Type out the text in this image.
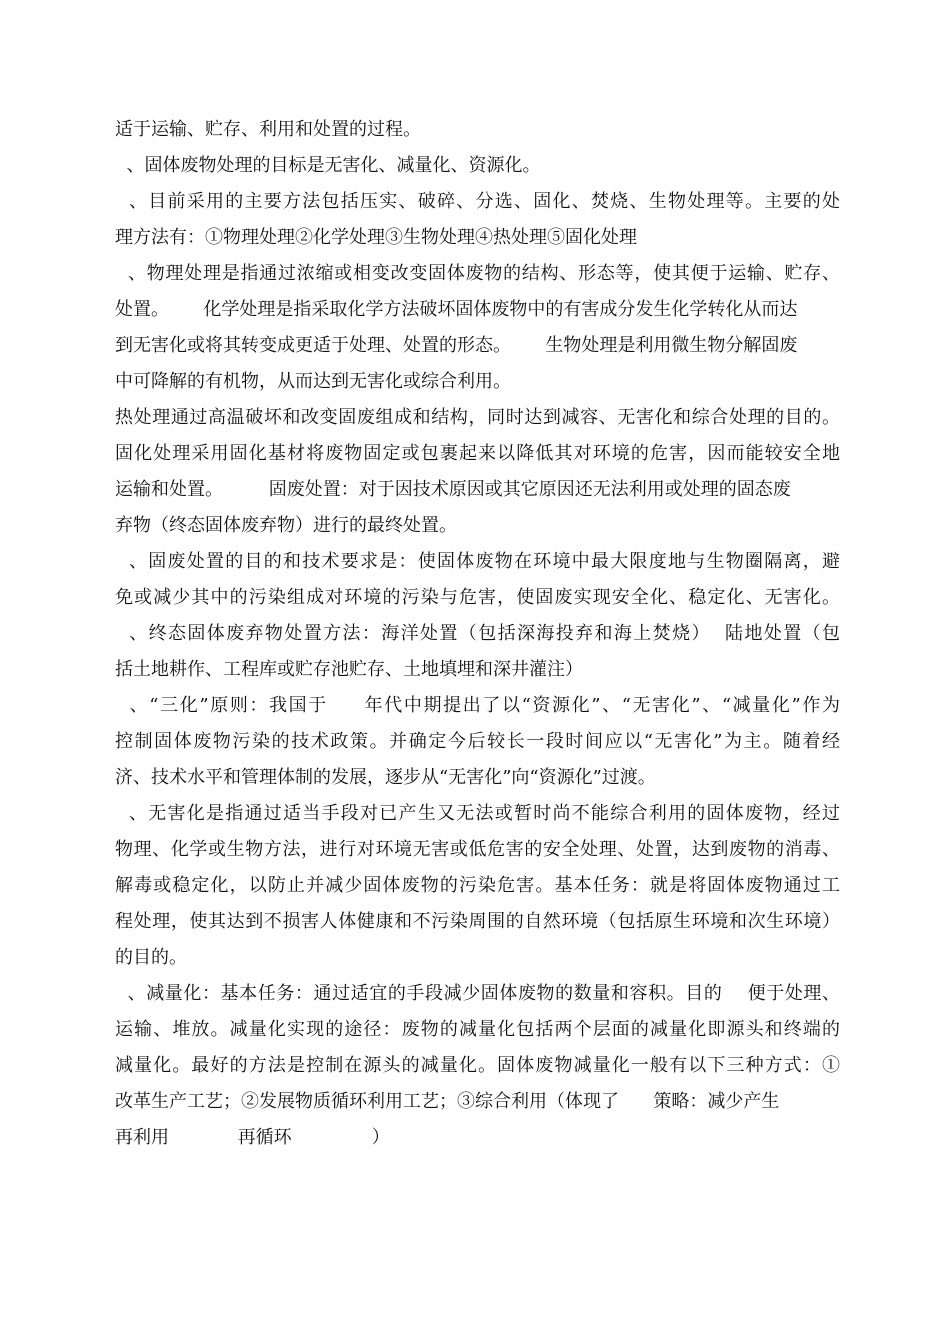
适于运输、贮存、利用和处置的过程。
、固体废物处理的目标是无害化、减量化、资源化。
、目前采用的主要方法包括压实、破碎、分选、固化、焚烧、生物处理等。主要的处
理方法有：①物理处理②化学处理③生物处理④热处理⑤固化处理
、物理处理是指通过浓缩或相变改变固体废物的结构、形态等，使其便于运输、贮存、
处置。      化学处理是指采取化学方法破坏固体废物中的有害成分发生化学转化从而达
到无害化或将其转变成更适于处理、处置的形态。      生物处理是利用微生物分解固废
中可降解的有机物，从而达到无害化或综合利用。
热处理通过高温破坏和改变固废组成和结构，同时达到减容、无害化和综合处理的目的。
固化处理采用固化基材将废物固定或包裹起来以降低其对环境的危害，因而能较安全地
运输和处置。        固废处置：对于因技术原因或其它原因还无法利用或处理的固态废
弃物（终态固体废弃物）进行的最终处置。
、固废处置的目的和技术要求是：使固体废物在环境中最大限度地与生物圈隔离，避
免或减少其中的污染组成对环境的污染与危害，使固废实现安全化、稳定化、无害化。
、终态固体废弃物处置方法：海洋处置（包括深海投弃和海上焚烧）  陆地处置（包
括土地耕作、工程库或贮存池贮存、土地填埋和深井灌注）
、“三化”原则：我国于     年代中期提出了以“资源化”、“无害化”、“减量化”作为
控制固体废物污染的技术政策。并确定今后较长一段时间应以“无害化”为主。随着经
济、技术水平和管理体制的发展，逐步从“无害化”向“资源化”过渡。
、无害化是指通过适当手段对已产生又无法或暂时尚不能综合利用的固体废物，经过
物理、化学或生物方法，进行对环境无害或低危害的安全处理、处置，达到废物的消毒、
解毒或稳定化，以防止并减少固体废物的污染危害。基本任务：就是将固体废物通过工
程处理，使其达到不损害人体健康和不污染周围的自然环境（包括原生环境和次生环境）
的目的。
、减量化：基本任务：通过适宜的手段减少固体废物的数量和容积。目的    便于处理、
运输、堆放。减量化实现的途径：废物的减量化包括两个层面的减量化即源头和终端的
减量化。最好的方法是控制在源头的减量化。固体废物减量化一般有以下三种方式：①
改革生产工艺；②发展物质循环利用工艺；③综合利用（体现了      策略：减少产生
再利用            再循环              ）
